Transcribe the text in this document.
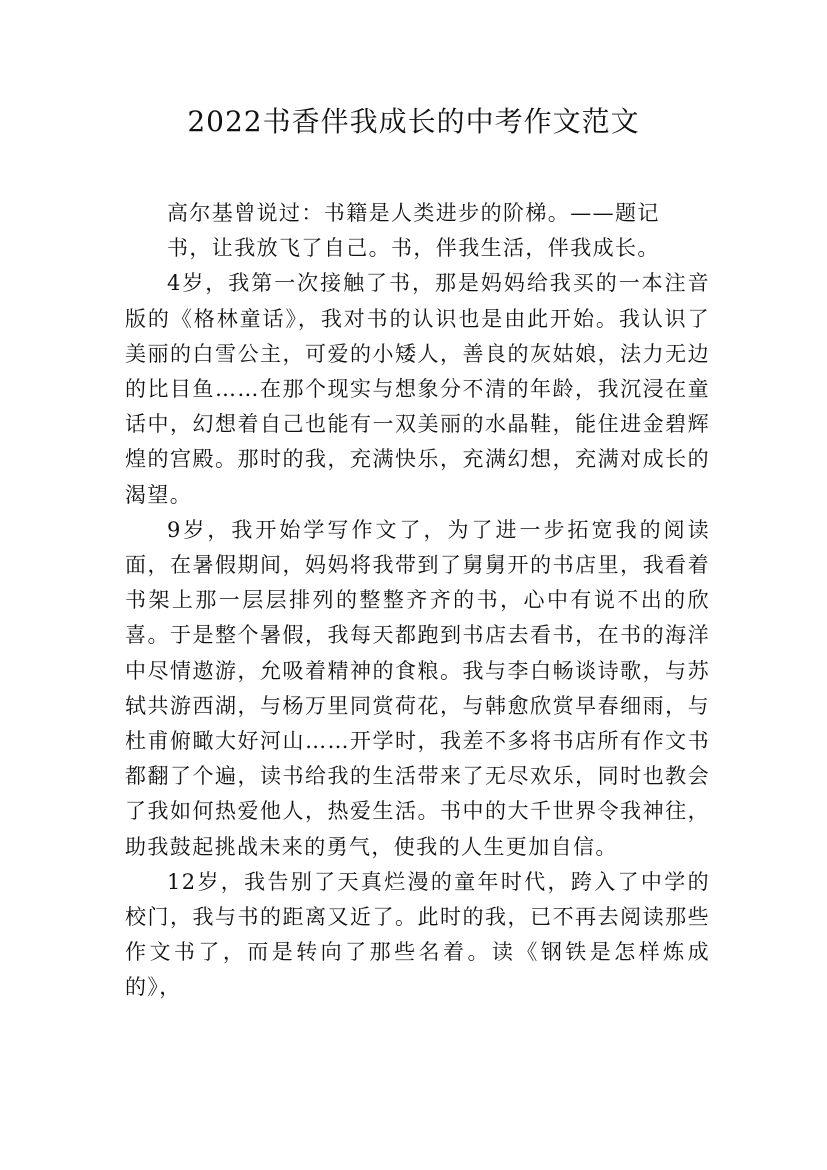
2022书香伴我成长的中考作文范文

高尔基曾说过：书籍是人类进步的阶梯。——题记

书，让我放飞了自己。书，伴我生活，伴我成长。

4岁，我第一次接触了书，那是妈妈给我买的一本注音版的《格林童话》，我对书的认识也是由此开始。我认识了美丽的白雪公主，可爱的小矮人，善良的灰姑娘，法力无边的比目鱼……在那个现实与想象分不清的年龄，我沉浸在童话中，幻想着自己也能有一双美丽的水晶鞋，能住进金碧辉煌的宫殿。那时的我，充满快乐，充满幻想，充满对成长的渴望。

9岁，我开始学写作文了，为了进一步拓宽我的阅读面，在暑假期间，妈妈将我带到了舅舅开的书店里，我看着书架上那一层层排列的整整齐齐的书，心中有说不出的欣喜。于是整个暑假，我每天都跑到书店去看书，在书的海洋中尽情遨游，允吸着精神的食粮。我与李白畅谈诗歌，与苏轼共游西湖，与杨万里同赏荷花，与韩愈欣赏早春细雨，与杜甫俯瞰大好河山……开学时，我差不多将书店所有作文书都翻了个遍，读书给我的生活带来了无尽欢乐，同时也教会了我如何热爱他人，热爱生活。书中的大千世界令我神往，助我鼓起挑战未来的勇气，使我的人生更加自信。

12岁，我告别了天真烂漫的童年时代，跨入了中学的校门，我与书的距离又近了。此时的我，已不再去阅读那些作文书了，而是转向了那些名着。读《钢铁是怎样炼成的》，
